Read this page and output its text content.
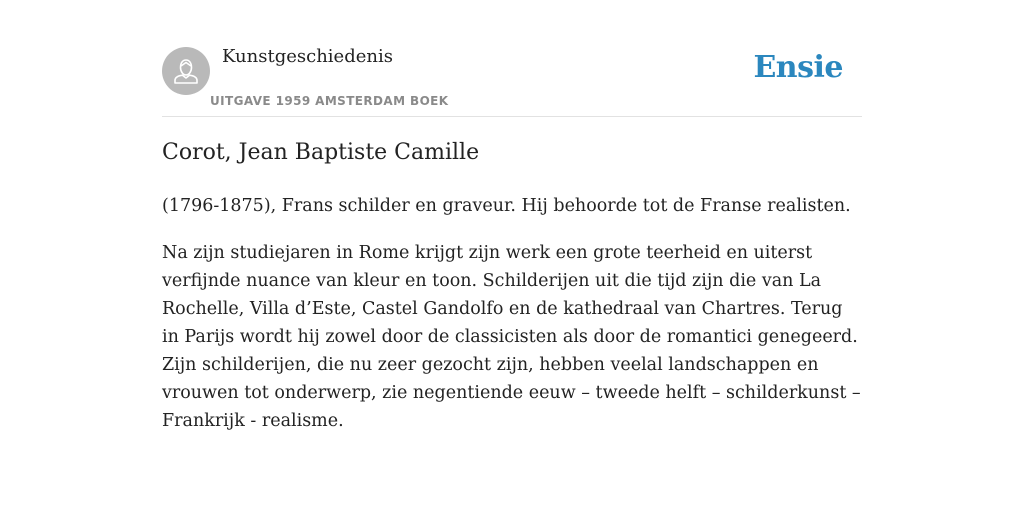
Kunstgeschiedenis
UITGAVE 1959 AMSTERDAM BOEK
Ensie
Corot, Jean Baptiste Camille

(1796-1875), Frans schilder en graveur. Hij behoorde tot de Franse realisten.

Na zijn studiejaren in Rome krijgt zijn werk een grote teerheid en uiterst verfijnde nuance van kleur en toon. Schilderijen uit die tijd zijn die van La Rochelle, Villa d’Este, Castel Gandolfo en de kathedraal van Chartres. Terug in Parijs wordt hij zowel door de classicisten als door de romantici genegeerd. Zijn schilderijen, die nu zeer gezocht zijn, hebben veelal landschappen en vrouwen tot onderwerp, zie negentiende eeuw – tweede helft – schilderkunst – Frankrijk - realisme.
